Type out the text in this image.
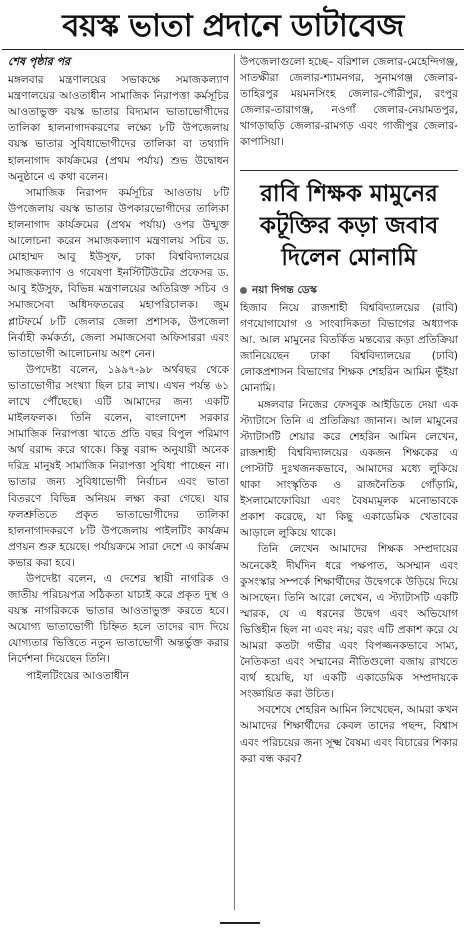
বয়স্ক ভাতা প্রদানে ডাটাবেজ

শেষ পৃষ্ঠার পর

মঙ্গলবার মন্ত্রণালয়ের সভাকক্ষে সমাজকল্যাণ মন্ত্রণালয়ের আওতাধীন সামাজিক নিরাপত্তা কর্মসূচির আওতাভুক্ত বয়স্ক ভাতার বিদ্যমান ভাতাভোগীদের তালিকা হালনাগাদকরণের লক্ষ্যে ৮টি উপজেলায় বয়স্ক ভাতার সুবিধাভোগীদের তালিকা বা তথ্যাদি হালনাগাদ কার্যক্রমের (প্রথম পর্যায়) শুভ উদ্বোধন অনুষ্ঠানে এ কথা বলেন।

সামাজিক নিরাপদ কর্মসূচির আওতায় ৮টি উপজেলায় বয়স্ক ভাতার উপকারভোগীদের তালিকা হালনাগাদ কার্যক্রমের (প্রথম পর্যায়) ওপর উন্মুক্ত আলোচনা করেন সমাজকল্যাণ মন্ত্রণালয় সচিব ড. মোহাম্মদ আবু ইউসুফ, ঢাকা বিশ্ববিদ্যালয়ের সমাজকল্যাণ ও গবেষণা ইনস্টিটিউটের প্রফেসর ড. আবু ইউসুফ, বিভিন্ন মন্ত্রণালয়ের অতিরিক্ত সচিব ও সমাজসেবা অধিদফতরের মহাপরিচালক। জুম প্লাটফর্মে ৮টি জেলার জেলা প্রশাসক, উপজেলা নির্বাহী কর্মকর্তা, জেলা সমাজসেবা অফিসাররা এবং ভাতাভোগী আলোচনায় অংশ নেন।

উপদেষ্টা বলেন, ১৯৯৭-৯৮ অর্থবছর থেকে ভাতাভোগীর সংখ্যা ছিল চার লাখ। এখন পর্যন্ত ৬১ লাখে পৌঁছেছে। এটি আমাদের জন্য একটি মাইলফলক। তিনি বলেন, বাংলাদেশ সরকার সামাজিক নিরাপত্তা খাতে প্রতি বছর বিপুল পরিমাণ অর্থ বরাদ্দ করে থাকে। কিন্তু বরাদ্দ অনুযায়ী অনেক দরিদ্র মানুষই সামাজিক নিরাপত্তা সুবিধা পাচ্ছেন না। ভাতার জন্য সুবিধাভোগী নির্বাচন এবং ভাতা বিতরণে বিভিন্ন অনিয়ম লক্ষ্য করা গেছে। যার ফলশ্রুতিতে প্রকৃত ভাতাভোগীদের তালিকা হালনাগাদকরণে ৮টি উপজেলায় পাইলটিং কার্যক্রম প্রণয়ন শুরু হয়েছে। পর্যায়ক্রমে সারা দেশে এ কার্যক্রম কভার করা হবে।

উপদেষ্টা বলেন, এ দেশের স্থায়ী নাগরিক ও জাতীয় পরিচয়পত্র সঠিকতা যাচাই করে প্রকৃত দুস্থ ও বয়স্ক নাগরিককে ভাতার আওতাভুক্ত করতে হবে। অযোগ্য ভাতাভোগী চিহ্নিত হলে তাদের বাদ দিয়ে যোগ্যতার ভিত্তিতে নতুন ভাতাভোগী অন্তর্ভুক্ত করার নির্দেশনা দিয়েছেন তিনি।

পাইলটিংয়ের আওতাধীন

উপজেলাগুলো হচ্ছে– বরিশাল জেলার-মেহেন্দিগঞ্জ, সাতক্ষীরা জেলার-শ্যামনগর, সুনামগঞ্জ জেলার-তাহিরপুর ময়মনসিংহ জেলার-গৌরীপুর, রংপুর জেলার-তারাগঞ্জ, নওগাঁ জেলার-নেয়ামতপুর, খাগড়াছড়ি জেলার-রামগড় এবং গাজীপুর জেলার-কাপাসিয়া।

রাবি শিক্ষক মামুনের কটূক্তির কড়া জবাব দিলেন মোনামি
নয়া দিগন্ত ডেস্ক

হিজাব নিয়ে রাজশাহী বিশ্ববিদ্যালয়ের (রাবি) গণযোগাযোগ ও সাংবাদিকতা বিভাগের অধ্যাপক আ. আল মামুনের বিতর্কিত মন্তব্যের কড়া প্রতিক্রিয়া জানিয়েছেন ঢাকা বিশ্ববিদ্যালয়ের (ঢাবি) লোকপ্রশাসন বিভাগের শিক্ষক শেহরিন আমিন ভূঁইয়া মোনামি।

মঙ্গলবার নিজের ফেসবুক আইডিতে দেয়া এক স্ট্যাটাসে তিনি এ প্রতিক্রিয়া জানান। আল মামুনের স্ট্যাটাসটি শেয়ার করে শেহরিন আমিন লেখেন, রাজশাহী বিশ্ববিদ্যালয়ের একজন শিক্ষকের এ পোস্টটি দুঃখজনকভাবে, আমাদের মধ্যে লুকিয়ে থাকা সাংস্কৃতিক ও রাজনৈতিক গোঁড়ামি, ইসলামোফোবিয়া এবং বৈষম্যমূলক মনোভাবকে প্রকাশ করেছে, যা কিছু একাডেমিক খেতাবের আড়ালে লুকিয়ে থাকে।

তিনি লেখেন আমাদের শিক্ষক সম্প্রদায়ের অনেকেই দীর্ঘদিন ধরে পক্ষপাত, অসম্মান এবং কুসংস্কার সম্পর্কে শিক্ষার্থীদের উদ্বেগকে উড়িয়ে দিয়ে আসছেন। তিনি আরো লেখেন, এ স্ট্যাটাসটি একটি স্মারক, যে এ ধরনের উদ্বেগ এবং অভিযোগ ভিত্তিহীন ছিল না এবং নয়; বরং এটি প্রকাশ করে যে আমরা কতটা গভীর এবং বিপজ্জনকভাবে সাম্য, নৈতিকতা এবং সম্মানের নীতিগুলো বজায় রাখতে ব্যর্থ হয়েছি, যা একটি একাডেমিক সম্প্রদায়কে সংজ্ঞায়িত করা উচিত।

সবশেষে শেহরিন আমিন লিখেছেন, আমরা কখন আমাদের শিক্ষার্থীদের কেবল তাদের পছন্দ, বিশ্বাস এবং পরিচয়ের জন্য সূক্ষ্ম বৈষম্য এবং বিচারের শিকার করা বন্ধ করব?
